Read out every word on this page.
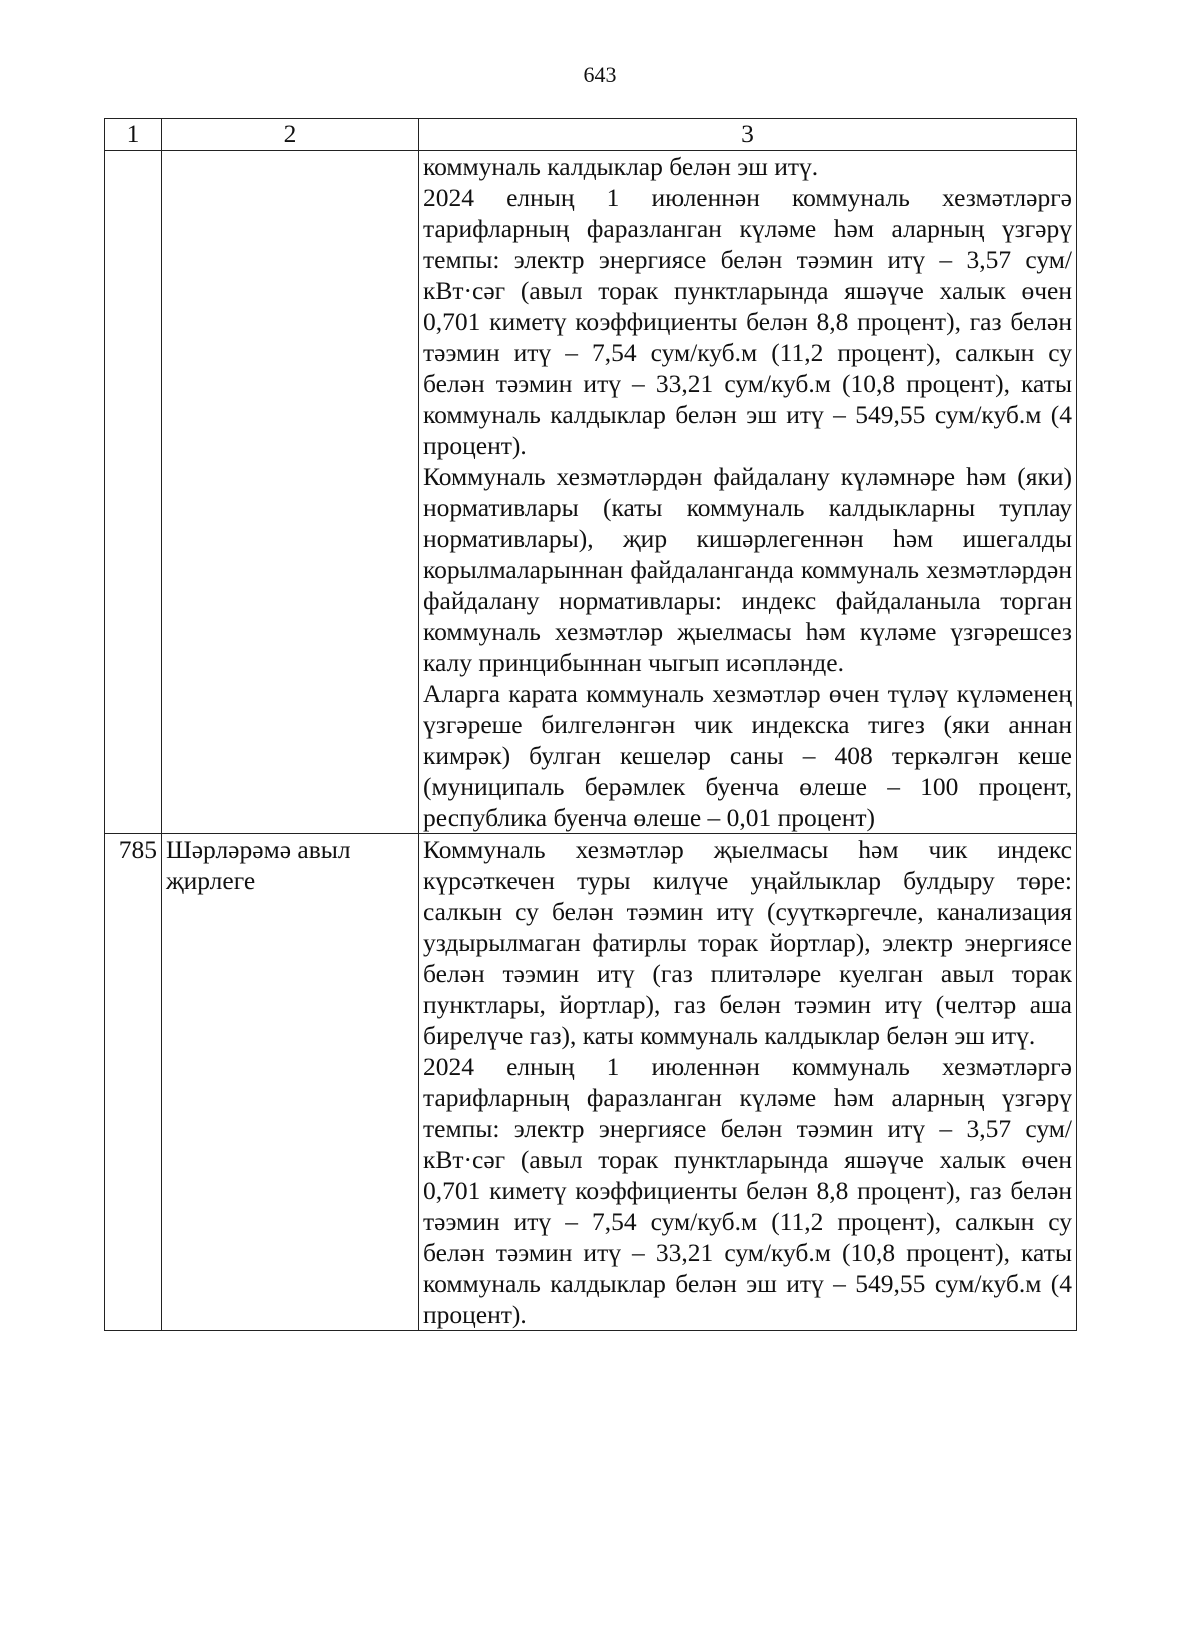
643
1	2	3

		коммуналь калдыклар белән эш итү.

2024 елның 1 июленнән коммуналь хезмәтләргә тарифларның фаразланган күләме һәм аларның үзгәрү темпы: электр энергиясе белән тәэмин итү – 3,57 сум/кВт·сәг (авыл торак пунктларында яшәүче халык өчен 0,701 киметү коэффициенты белән 8,8 процент), газ белән тәэмин итү – 7,54 сум/куб.м (11,2 процент), салкын су белән тәэмин итү – 33,21 сум/куб.м (10,8 процент), каты коммуналь калдыклар белән эш итү – 549,55 сум/куб.м (4 процент).

Коммуналь хезмәтләрдән файдалану күләмнәре һәм (яки) нормативлары (каты коммуналь калдыкларны туплау нормативлары), җир кишәрлегеннән һәм ишегалды корылмаларыннан файдаланганда коммуналь хезмәтләрдән файдалану нормативлары: индекс файдаланыла торган коммуналь хезмәтләр җыелмасы һәм күләме үзгәрешсез калу принцибыннан чыгып исәпләнде.

Аларга карата коммуналь хезмәтләр өчен түләү күләменең үзгәреше билгеләнгән чик индекска тигез (яки аннан кимрәк) булган кешеләр саны – 408 теркәлгән кеше (муниципаль берәмлек буенча өлеше – 100 процент, республика буенча өлеше – 0,01 процент)

785	Шәрләрәмә авыл җирлеге	Коммуналь хезмәтләр җыелмасы һәм чик индекс күрсәткечен туры килүче уңайлыклар булдыру төре: салкын су белән тәэмин итү (суүткәргечле, канализация уздырылмаган фатирлы торак йортлар), электр энергиясе белән тәэмин итү (газ плитәләре куелган авыл торак пунктлары, йортлар), газ белән тәэмин итү (челтәр аша бирелүче газ), каты коммуналь калдыклар белән эш итү.

2024 елның 1 июленнән коммуналь хезмәтләргә тарифларның фаразланган күләме һәм аларның үзгәрү темпы: электр энергиясе белән тәэмин итү – 3,57 сум/кВт·сәг (авыл торак пунктларында яшәүче халык өчен 0,701 киметү коэффициенты белән 8,8 процент), газ белән тәэмин итү – 7,54 сум/куб.м (11,2 процент), салкын су белән тәэмин итү – 33,21 сум/куб.м (10,8 процент), каты коммуналь калдыклар белән эш итү – 549,55 сум/куб.м (4 процент).
